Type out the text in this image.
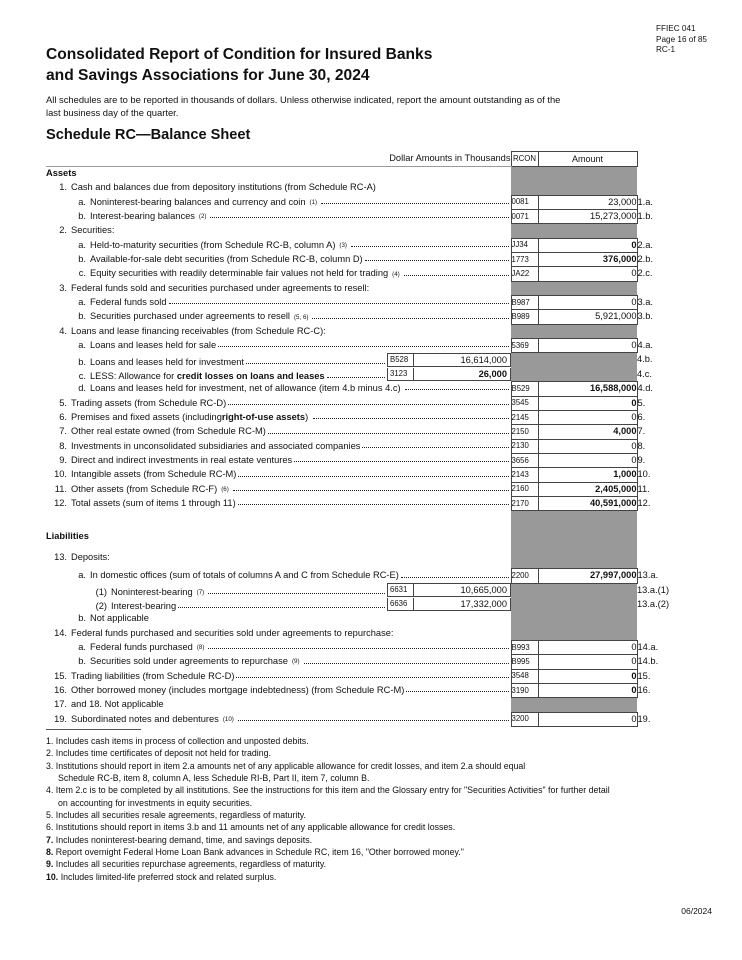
FFIEC 041
Page 16 of 85
RC-1
Consolidated Report of Condition for Insured Banks
and Savings Associations for June 30, 2024
All schedules are to be reported in thousands of dollars. Unless otherwise indicated, report the amount outstanding as of the
last business day of the quarter.
Schedule RC—Balance Sheet
Dollar Amounts in Thousands	RCON	Amount	

Assets			

1. Cash and balances due from depository institutions (from Schedule RC-A)			

a. Noninterest-bearing balances and currency and coin (1)	0081	23,000	1.a.

b. Interest-bearing balances (2)	0071	15,273,000	1.b.

2. Securities:			

a. Held-to-maturity securities (from Schedule RC-B, column A) (3)	JJ34	0	2.a.

b. Available-for-sale debt securities (from Schedule RC-B, column D)	1773	376,000	2.b.

c. Equity securities with readily determinable fair values not held for trading (4)	JA22	0	2.c.

3. Federal funds sold and securities purchased under agreements to resell:			

a. Federal funds sold	B987	0	3.a.

b. Securities purchased under agreements to resell (5, 6)	B989	5,921,000	3.b.

4. Loans and lease financing receivables (from Schedule RC-C):			

a. Loans and leases held for sale	5369	0	4.a.

b. Loans and leases held for investment B528 16,614,000			4.b.

c. LESS: Allowance for credit losses on loans and leases 3123 26,000			4.c.

d. Loans and leases held for investment, net of allowance (item 4.b minus 4.c)	B529	16,588,000	4.d.

5. Trading assets (from Schedule RC-D)	3545	0	5.

6. Premises and fixed assets (including right-of-use assets )	2145	0	6.

7. Other real estate owned (from Schedule RC-M)	2150	4,000	7.

8. Investments in unconsolidated subsidiaries and associated companies	2130	0	8.

9. Direct and indirect investments in real estate ventures	3656	0	9.

10. Intangible assets (from Schedule RC-M)	2143	1,000	10.

11. Other assets (from Schedule RC-F) (6)	2160	2,405,000	11.

12. Total assets (sum of items 1 through 11)	2170	40,591,000	12.

Liabilities			

13. Deposits:			

a. In domestic offices (sum of totals of columns A and C from Schedule RC-E)	2200	27,997,000	13.a.

(1) Noninterest-bearing (7) 6631 10,665,000			13.a.(1)

(2) Interest-bearing 6636 17,332,000			13.a.(2)

b. Not applicable			

14. Federal funds purchased and securities sold under agreements to repurchase:			

a. Federal funds purchased (8)	B993	0	14.a.

b. Securities sold under agreements to repurchase (9)	B995	0	14.b.

15. Trading liabilities (from Schedule RC-D)	3548	0	15.

16. Other borrowed money (includes mortgage indebtedness) (from Schedule RC-M)	3190	0	16.

17. and 18. Not applicable			

19. Subordinated notes and debentures (10)	3200	0	19.
1. Includes cash items in process of collection and unposted debits.
2. Includes time certificates of deposit not held for trading.
3. Institutions should report in item 2.a amounts net of any applicable allowance for credit losses, and item 2.a should equal
Schedule RC-B, item 8, column A, less Schedule RI-B, Part II, item 7, column B.
4. Item 2.c is to be completed by all institutions. See the instructions for this item and the Glossary entry for "Securities Activities" for further detail
on accounting for investments in equity securities.
5. Includes all securities resale agreements, regardless of maturity.
6. Institutions should report in items 3.b and 11 amounts net of any applicable allowance for credit losses.
7. Includes noninterest-bearing demand, time, and savings deposits.
8. Report overnight Federal Home Loan Bank advances in Schedule RC, item 16, "Other borrowed money."
9. Includes all securities repurchase agreements, regardless of maturity.
10. Includes limited-life preferred stock and related surplus.
06/2024
